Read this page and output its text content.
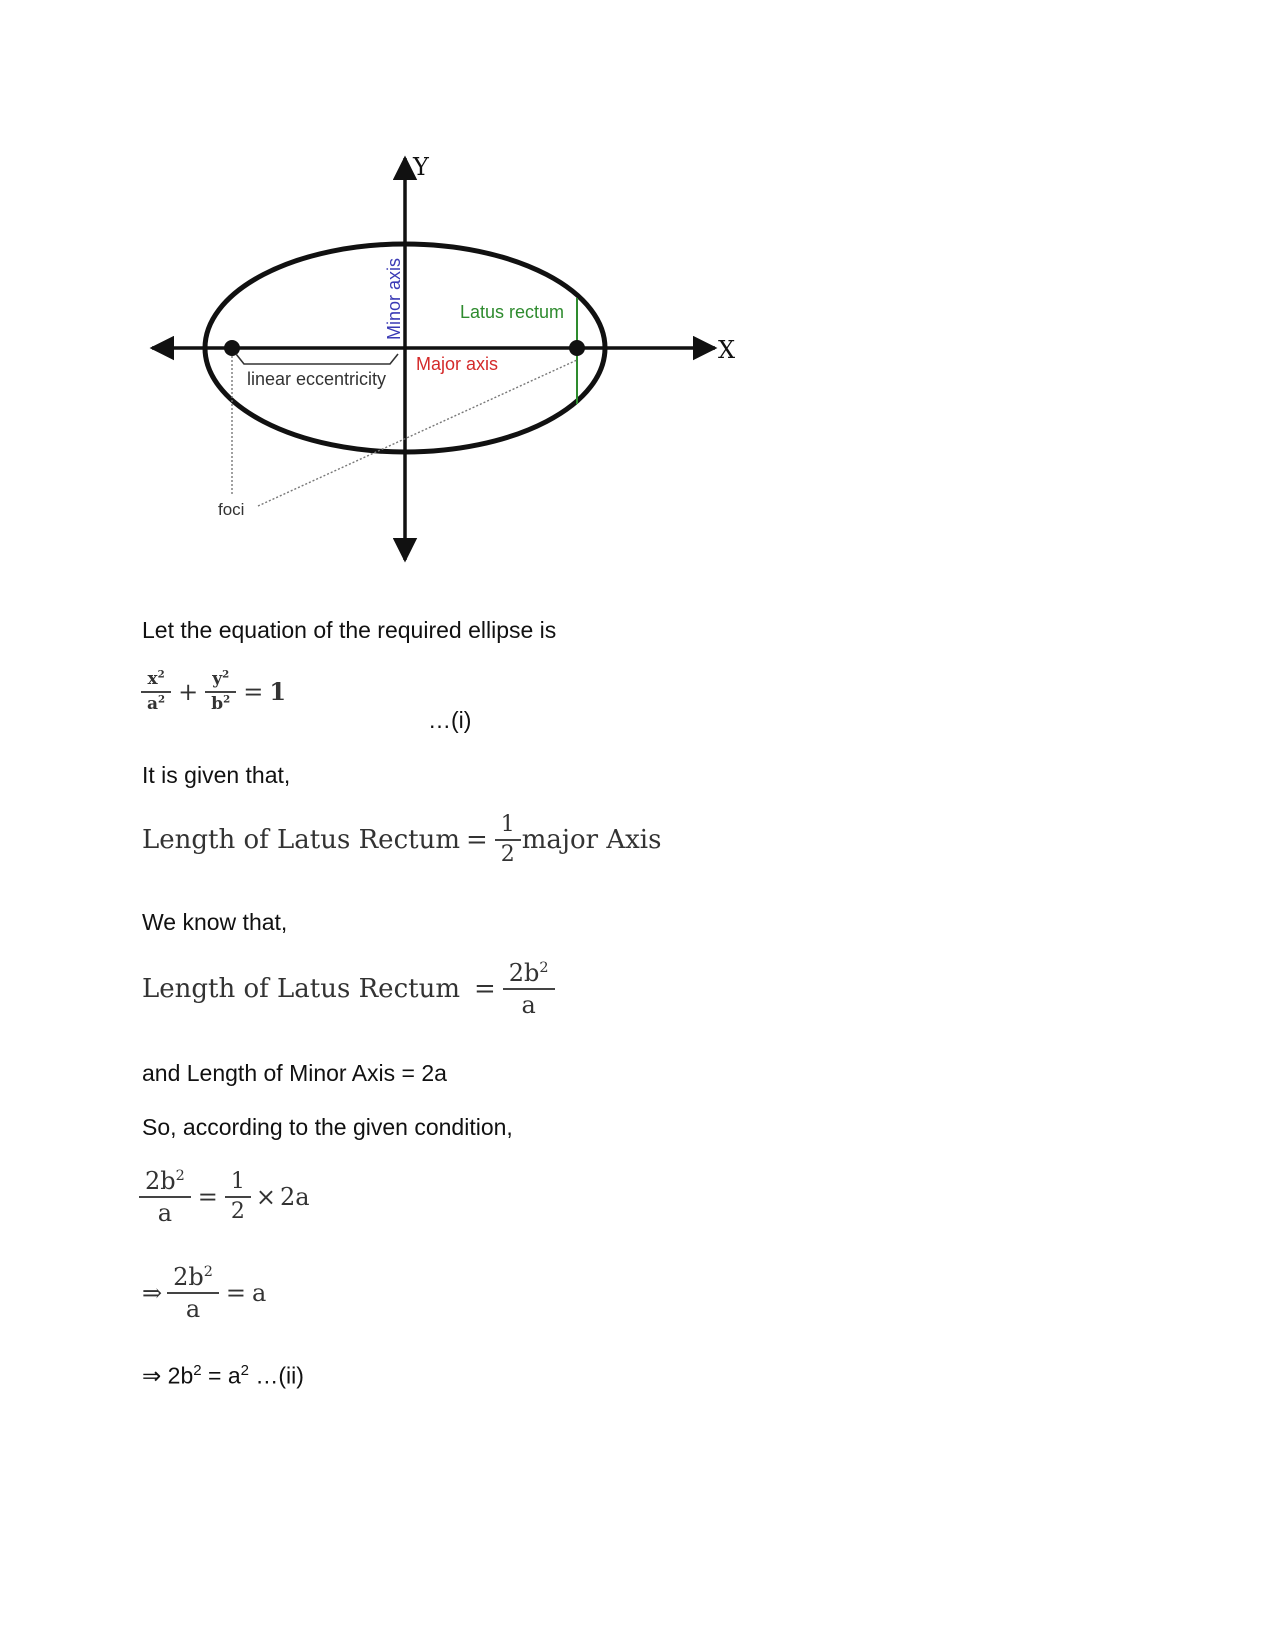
Y
X
Minor axis	Latus rectum
Major axis
linear eccentricity
foci
Let the equation of the required ellipse is
$\frac{x^2}{a^2} + \frac{y^2}{b^2} = 1$
…(i)
It is given that,
Length of Latus Rectum = $\frac{1}{2}$ major Axis
We know that,
Length of Latus Rectum = $\frac{2b^2}{a}$
and Length of Minor Axis = 2a
So, according to the given condition,
$\frac{2b^2}{a} = \frac{1}{2} \times 2a$
⇒ $\frac{2b^2}{a} = a$
⇒ $2b^2 = a^2$ …(ii)
